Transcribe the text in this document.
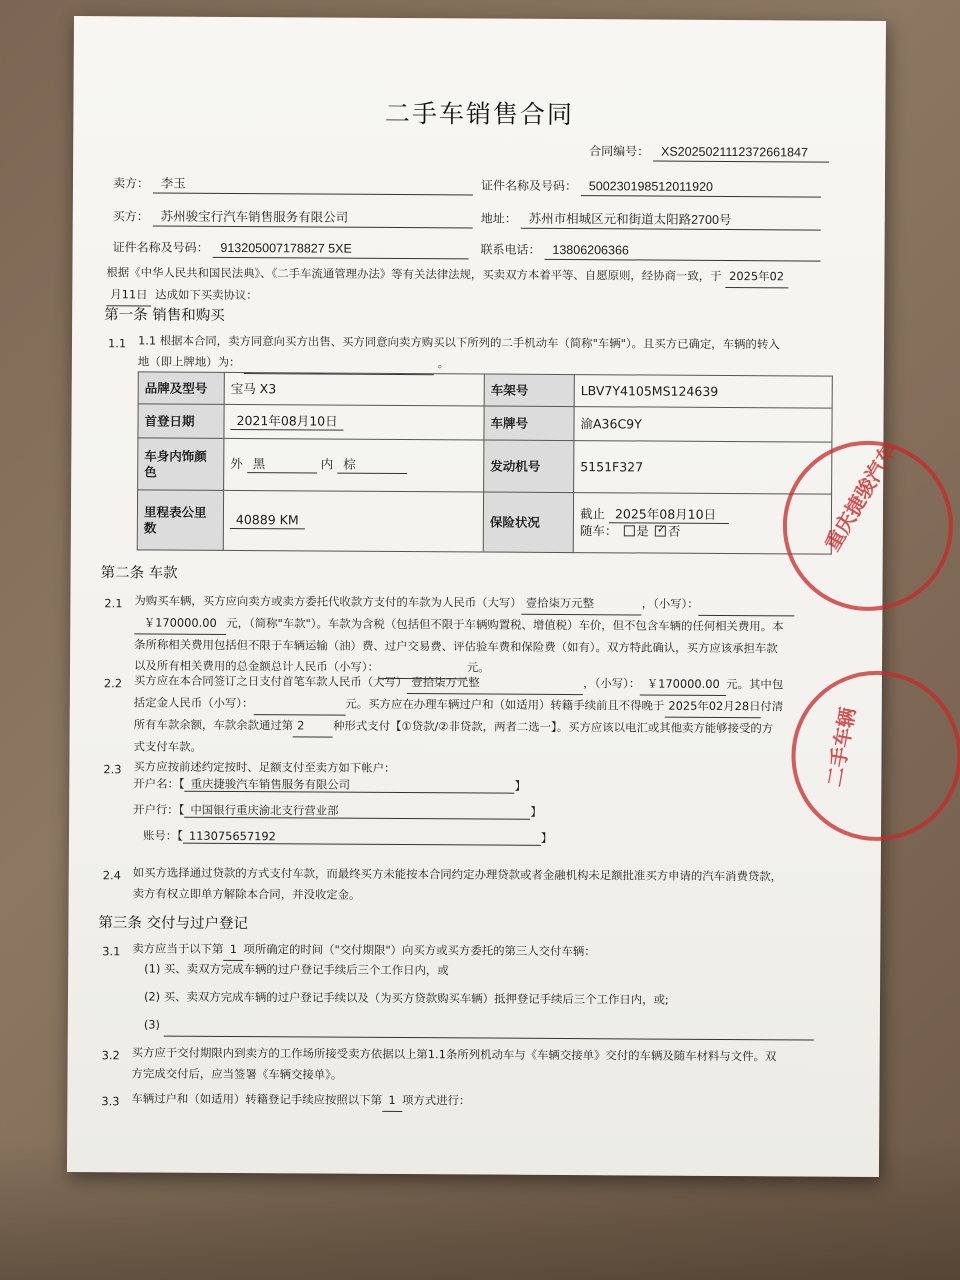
二手车销售合同
合同编号： XS2025021112372661847
卖方： 李玉	证件名称及号码： 500230198512011920
买方： 苏州骏宝行汽车销售服务有限公司	地址： 苏州市相城区元和街道太阳路2700号
证件名称及号码： 913205007178827 5XE	联系电话： 13806206366
根据《中华人民共和国民法典》、《二手车流通管理办法》等有关法律法规，买卖双方本着平等、自愿原则，经协商一致，于 2025年02
月11日 达成如下买卖协议：
第一条 销售和购买
1.1 1.1 根据本合同，卖方同意向买方出售、买方同意向卖方购买以下所列的二手机动车（简称"车辆"）。且买方已确定，车辆的转入
地（即上牌地）为：	。
品牌及型号	宝马 X3	车架号	LBV7Y4105MS124639
首登日期	2021年08月10日	车牌号	渝A36C9Y
车身内饰颜色	外 黑 内 棕	发动机号	5151F327
里程表公里数	40889 KM	保险状况	截止 2025年08月10日
随车： 是 ✓ 否
第二条 车款
2.1 为购买车辆，买方应向卖方或卖方委托代收款方支付的车款为人民币（大写） 壹拾柒万元整	，（小写）：
￥170000.00 元，（简称"车款"）。车款为含税（包括但不限于车辆购置税、增值税）车价，但不包含车辆的任何相关费用。本
条所称相关费用包括但不限于车辆运输（油）费、过户交易费、评估验车费和保险费（如有）。双方特此确认，买方应该承担车款
以及所有相关费用的总金额总计人民币（小写）：	元。
2.2 买方应在本合同签订之日支付首笔车款人民币（大写） 壹拾柒万元整	，（小写）： ￥170000.00 元。其中包
括定金人民币（小写）：	元。买方应在办理车辆过户和（如适用）转籍手续前且不得晚于 2025年02月28日付清
所有车款余额，车款余款通过第 2	种形式支付【①贷款/②非贷款，两者二选一】。买方应该以电汇或其他卖方能够接受的方
式支付车款。
2.3 买方应按前述约定按时、足额支付至卖方如下帐户：
开户名：【 重庆捷骏汽车销售服务有限公司	】
开户行：【 中国银行重庆渝北支行营业部	】
账号：【 113075657192	】
2.4 如买方选择通过贷款的方式支付车款，而最终买方未能按本合同约定办理贷款或者金融机构未足额批准买方申请的汽车消费贷款，
卖方有权立即单方解除本合同，并没收定金。
第三条 交付与过户登记
3.1 卖方应当于以下第 1 项所确定的时间（"交付期限"）向买方或买方委托的第三人交付车辆：
(1) 买、卖双方完成车辆的过户登记手续后三个工作日内，或
(2) 买、卖双方完成车辆的过户登记手续以及（为买方贷款购买车辆）抵押登记手续后三个工作日内，或;
(3)
3.2 买方应于交付期限内到卖方的工作场所接受卖方依据以上第1.1条所列机动车与《车辆交接单》交付的车辆及随车材料与文件。双
方完成交付后，应当签署《车辆交接单》。
3.3 车辆过户和（如适用）转籍登记手续应按照以下第 1 项方式进行：
重庆捷骏汽车
二手车辆
